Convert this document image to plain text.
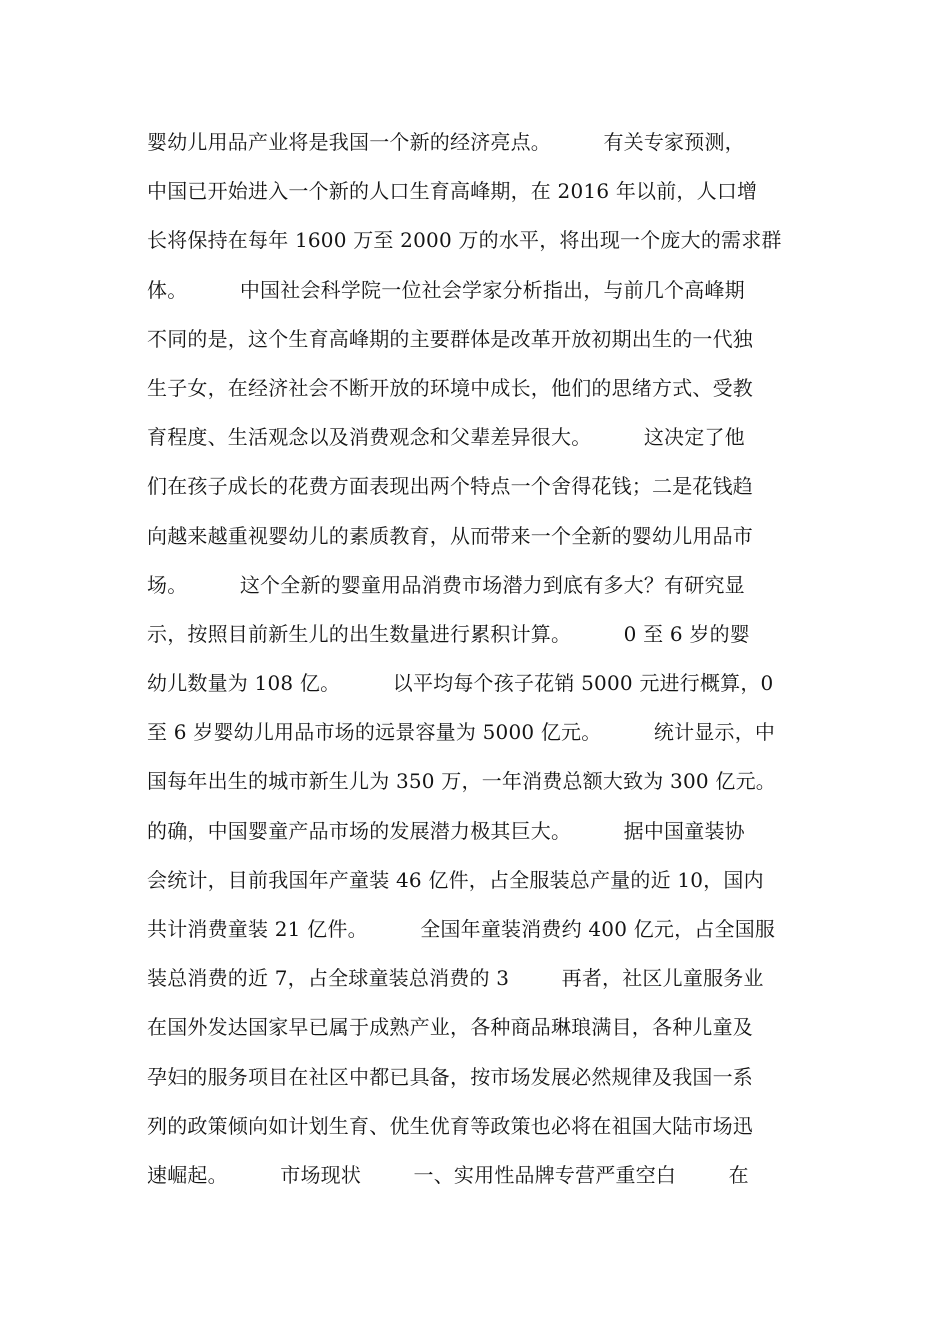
婴幼儿用品产业将是我国一个新的经济亮点。        有关专家预测，
中国已开始进入一个新的人口生育高峰期，在 2016 年以前，人口增
长将保持在每年 1600 万至 2000 万的水平，将出现一个庞大的需求群
体。        中国社会科学院一位社会学家分析指出，与前几个高峰期
不同的是，这个生育高峰期的主要群体是改革开放初期出生的一代独
生子女，在经济社会不断开放的环境中成长，他们的思绪方式、受教
育程度、生活观念以及消费观念和父辈差异很大。        这决定了他
们在孩子成长的花费方面表现出两个特点一个舍得花钱；二是花钱趋
向越来越重视婴幼儿的素质教育，从而带来一个全新的婴幼儿用品市
场。        这个全新的婴童用品消费市场潜力到底有多大？有研究显
示，按照目前新生儿的出生数量进行累积计算。        0 至 6 岁的婴
幼儿数量为 108 亿。        以平均每个孩子花销 5000 元进行概算，0
至 6 岁婴幼儿用品市场的远景容量为 5000 亿元。        统计显示，中
国每年出生的城市新生儿为 350 万，一年消费总额大致为 300 亿元。
的确，中国婴童产品市场的发展潜力极其巨大。        据中国童装协
会统计，目前我国年产童装 46 亿件，占全服装总产量的近 10，国内
共计消费童装 21 亿件。        全国年童装消费约 400 亿元，占全国服
装总消费的近 7，占全球童装总消费的 3        再者，社区儿童服务业
在国外发达国家早已属于成熟产业，各种商品琳琅满目，各种儿童及
孕妇的服务项目在社区中都已具备，按市场发展必然规律及我国一系
列的政策倾向如计划生育、优生优育等政策也必将在祖国大陆市场迅
速崛起。        市场现状        一、实用性品牌专营严重空白        在
